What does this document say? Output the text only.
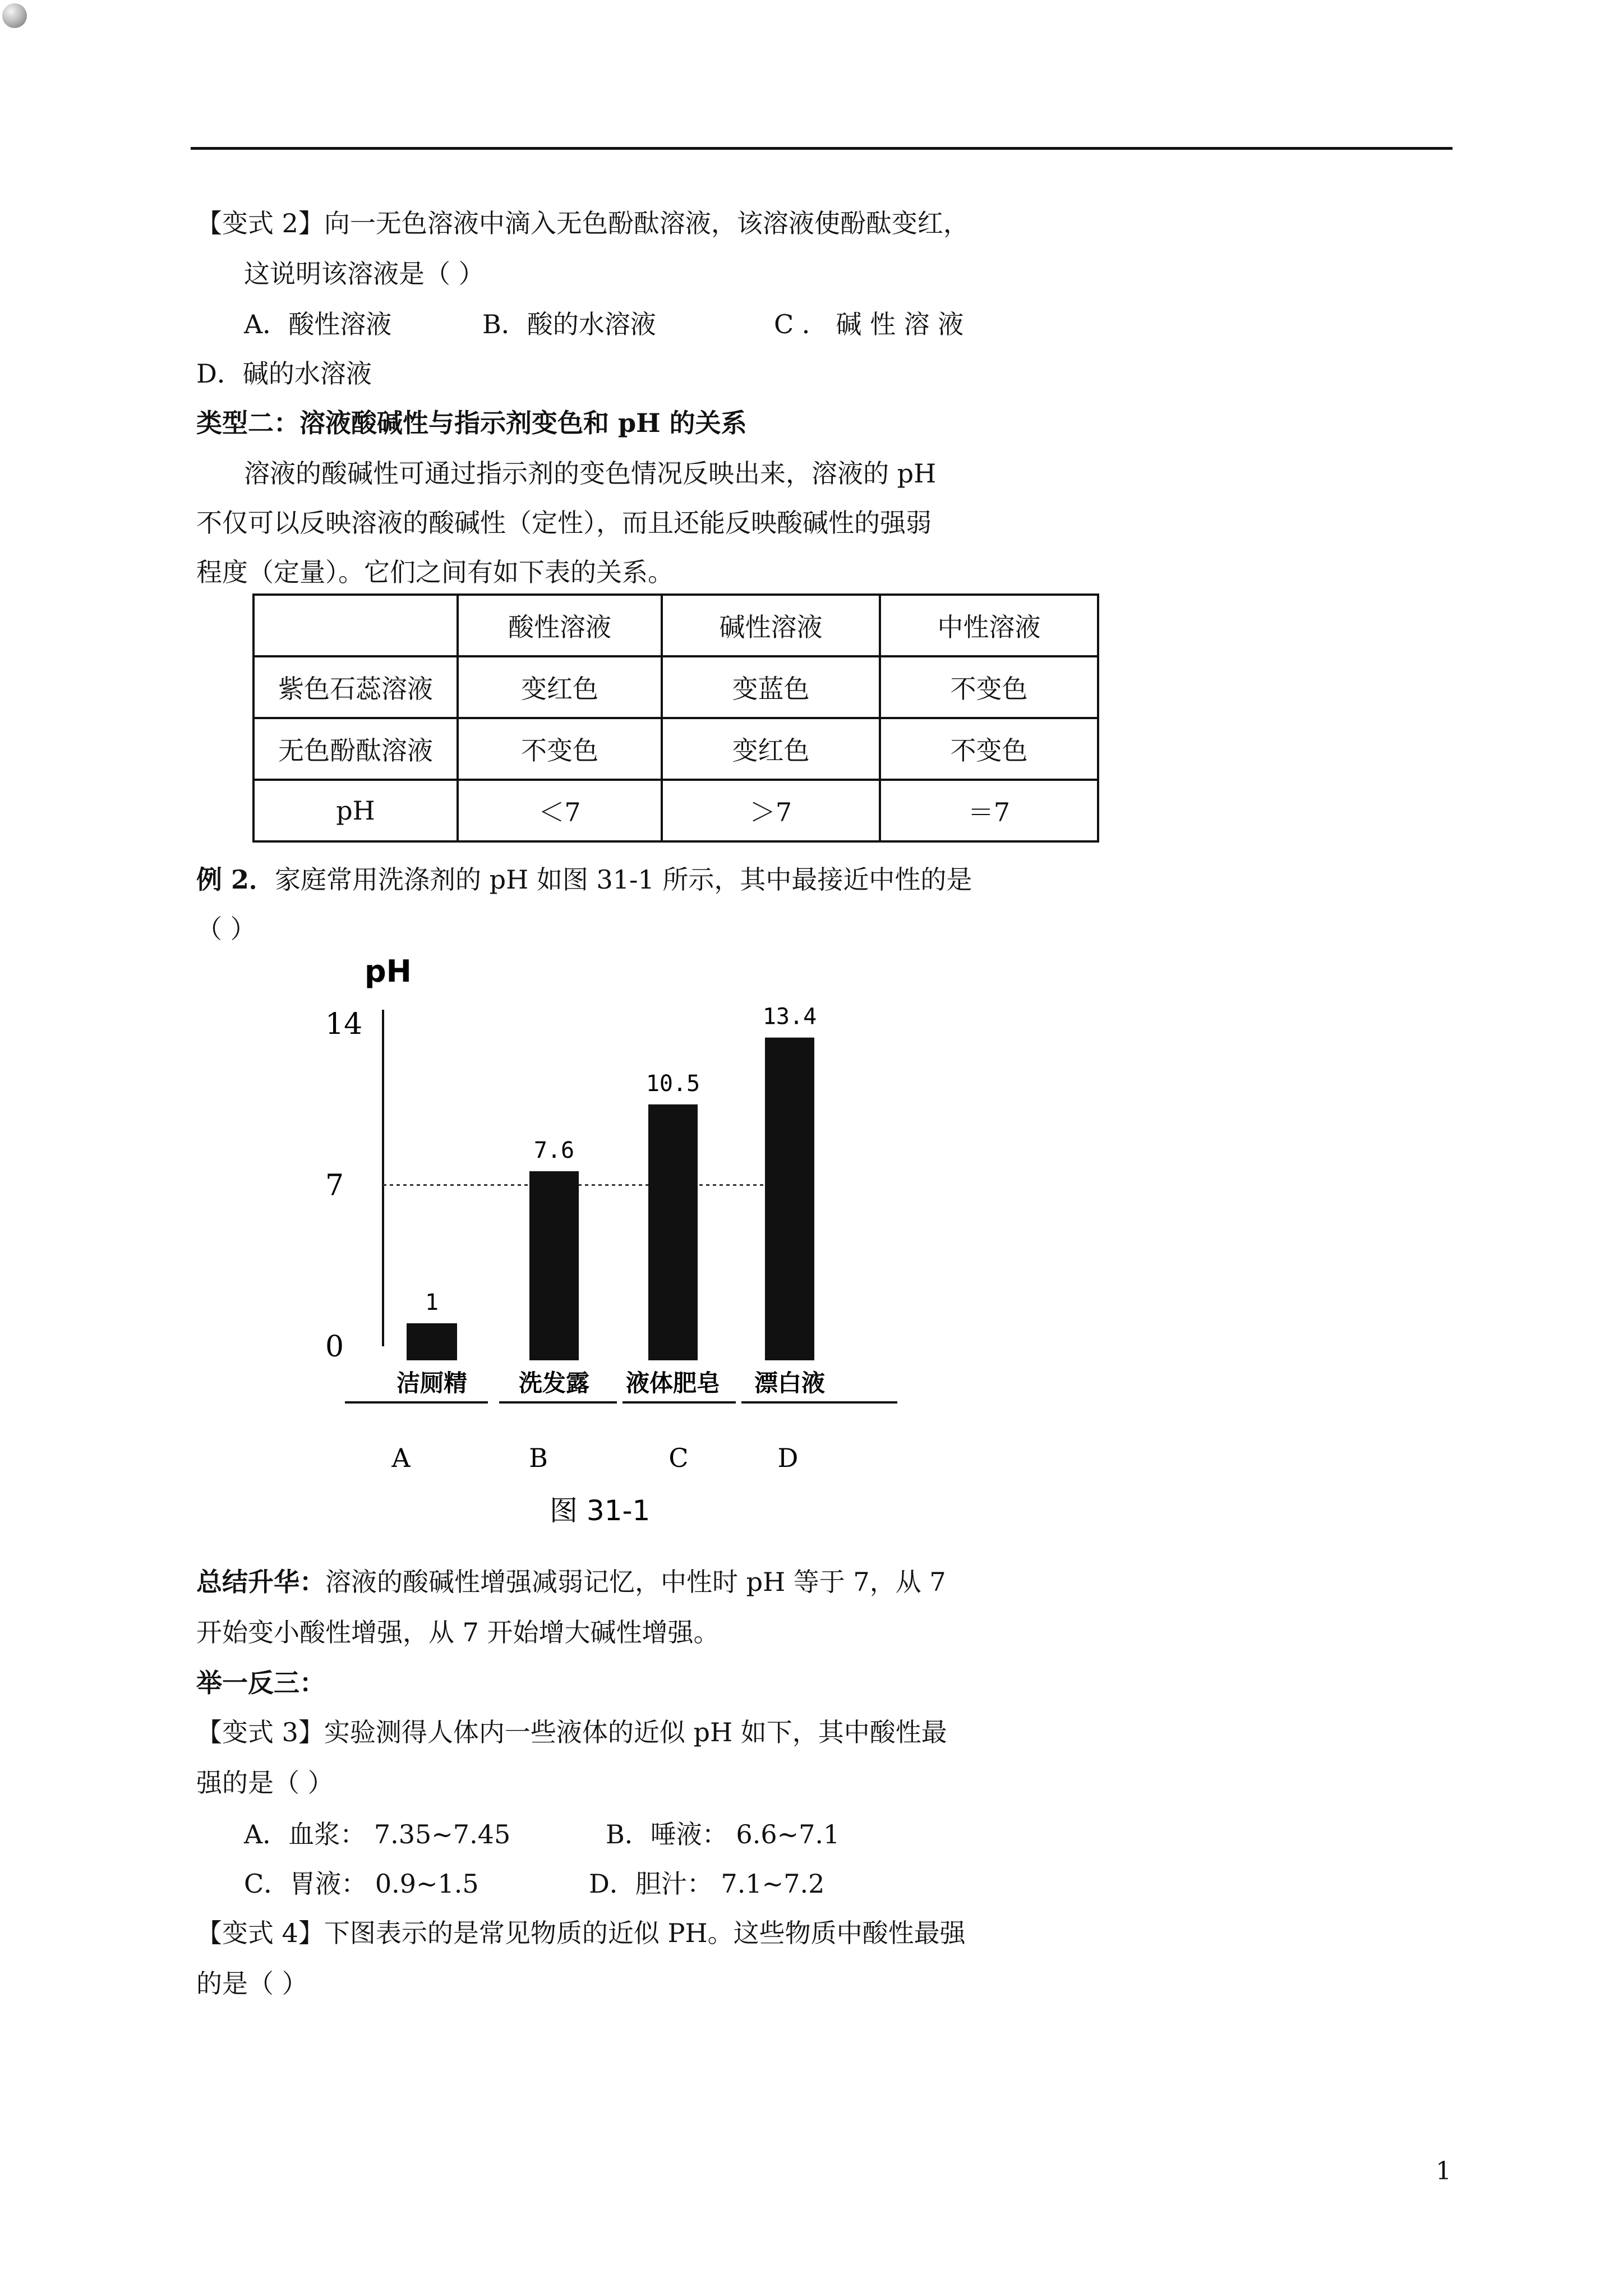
【变式 2】向一无色溶液中滴入无色酚酞溶液，该溶液使酚酞变红，
这说明该溶液是（ ）
A．酸性溶液	B．酸的水溶液	C ． 碱 性 溶 液
D．碱的水溶液
类型二：溶液酸碱性与指示剂变色和 pH 的关系
溶液的酸碱性可通过指示剂的变色情况反映出来，溶液的 pH
不仅可以反映溶液的酸碱性（定性），而且还能反映酸碱性的强弱
程度（定量）。它们之间有如下表的关系。
	酸性溶液	碱性溶液	中性溶液
紫色石蕊溶液	变红色	变蓝色	不变色
无色酚酞溶液	不变色	变红色	不变色
pH	＜7	＞7	＝7
例 2．家庭常用洗涤剂的 pH 如图 31-1 所示，其中最接近中性的是
（ ）
pH
0
7
14
1
7.6
10.5
13.4
洁厕精 洗发露 液体肥皂 漂白液
A	B	C	D
图 31-1
总结升华：溶液的酸碱性增强减弱记忆，中性时 pH 等于 7，从 7
开始变小酸性增强，从 7 开始增大碱性增强。
举一反三：
【变式 3】实验测得人体内一些液体的近似 pH 如下，其中酸性最
强的是（ ）
A．血浆： 7.35~7.45	B．唾液： 6.6~7.1
C．胃液： 0.9~1.5	D．胆汁： 7.1~7.2
【变式 4】下图表示的是常见物质的近似 PH。这些物质中酸性最强
的是（ ）
1
